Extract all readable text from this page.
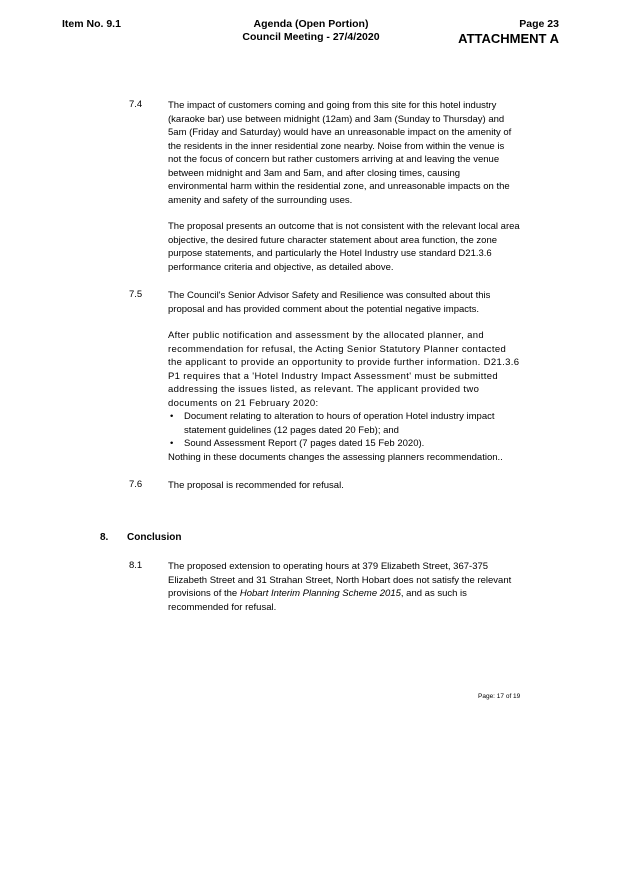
Item No. 9.1	Agenda (Open Portion)
Council Meeting - 27/4/2020
Page 23
ATTACHMENT A
7.4	The impact of customers coming and going from this site for this hotel industry (karaoke bar) use between midnight (12am) and 3am (Sunday to Thursday) and 5am (Friday and Saturday) would have an unreasonable impact on the amenity of the residents in the inner residential zone nearby. Noise from within the venue is not the focus of concern but rather customers arriving at and leaving the venue between midnight and 3am and 5am, and after closing times, causing environmental harm within the residential zone, and unreasonable impacts on the amenity and safety of the surrounding uses.

The proposal presents an outcome that is not consistent with the relevant local area objective, the desired future character statement about area function, the zone purpose statements, and particularly the Hotel Industry use standard D21.3.6 performance criteria and objective, as detailed above.

7.5	The Council's Senior Advisor Safety and Resilience was consulted about this proposal and has provided comment about the potential negative impacts.

After public notification and assessment by the allocated planner, and recommendation for refusal, the Acting Senior Statutory Planner contacted the applicant to provide an opportunity to provide further information. D21.3.6 P1 requires that a 'Hotel Industry Impact Assessment' must be submitted addressing the issues listed, as relevant. The applicant provided two documents on 21 February 2020:

• Document relating to alteration to hours of operation Hotel industry impact statement guidelines (12 pages dated 20 Feb); and
• Sound Assessment Report (7 pages dated 15 Feb 2020).

Nothing in these documents changes the assessing planners recommendation..

7.6	The proposal is recommended for refusal.

8. Conclusion
8.1	The proposed extension to operating hours at 379 Elizabeth Street, 367-375 Elizabeth Street and 31 Strahan Street, North Hobart does not satisfy the relevant provisions of the Hobart Interim Planning Scheme 2015, and as such is recommended for refusal.

Page: 17 of 19
